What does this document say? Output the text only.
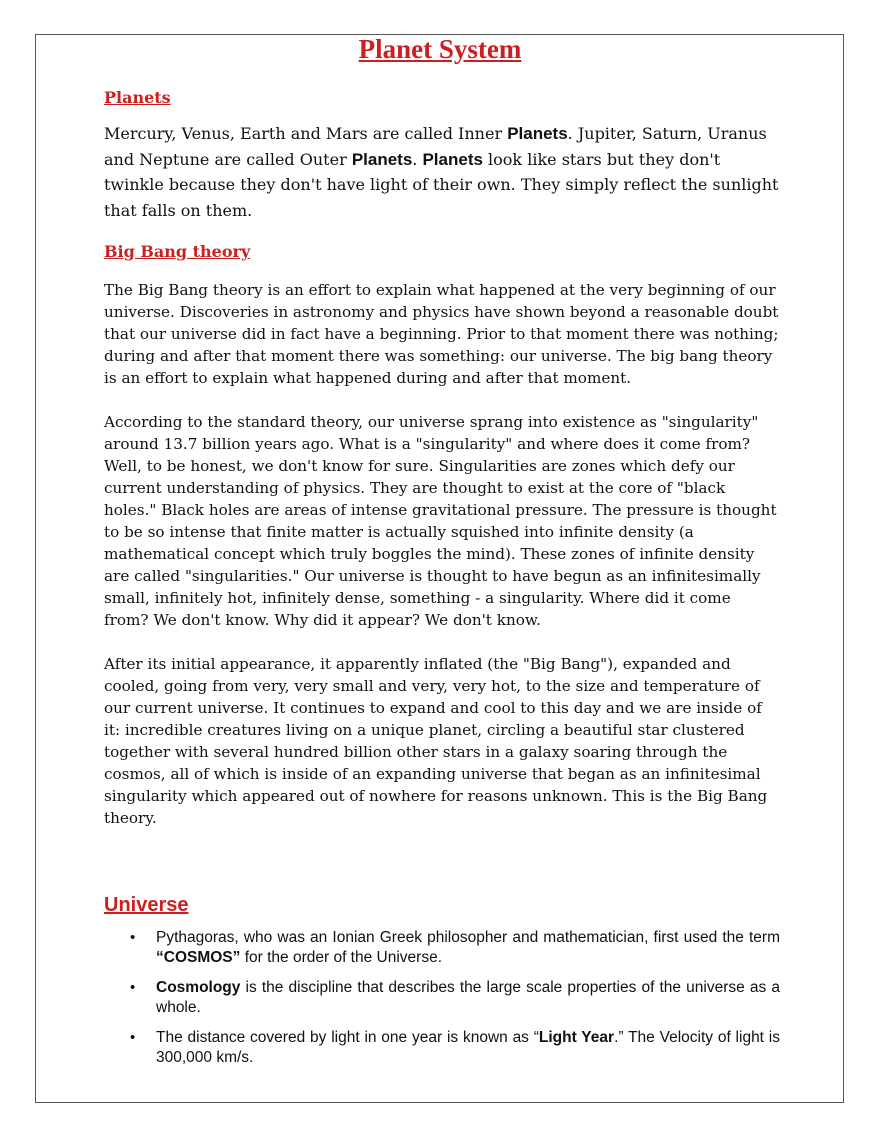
Planet System
Planets

Mercury, Venus, Earth and Mars are called Inner Planets. Jupiter, Saturn, Uranus and Neptune are called Outer Planets. Planets look like stars but they don't twinkle because they don't have light of their own. They simply reflect the sunlight that falls on them.

Big Bang theory

The Big Bang theory is an effort to explain what happened at the very beginning of our universe. Discoveries in astronomy and physics have shown beyond a reasonable doubt that our universe did in fact have a beginning. Prior to that moment there was nothing; during and after that moment there was something: our universe. The big bang theory is an effort to explain what happened during and after that moment.

According to the standard theory, our universe sprang into existence as "singularity" around 13.7 billion years ago. What is a "singularity" and where does it come from? Well, to be honest, we don't know for sure. Singularities are zones which defy our current understanding of physics. They are thought to exist at the core of "black holes." Black holes are areas of intense gravitational pressure. The pressure is thought to be so intense that finite matter is actually squished into infinite density (a mathematical concept which truly boggles the mind). These zones of infinite density are called "singularities." Our universe is thought to have begun as an infinitesimally small, infinitely hot, infinitely dense, something - a singularity. Where did it come from? We don't know. Why did it appear? We don't know.

After its initial appearance, it apparently inflated (the "Big Bang"), expanded and cooled, going from very, very small and very, very hot, to the size and temperature of our current universe. It continues to expand and cool to this day and we are inside of it: incredible creatures living on a unique planet, circling a beautiful star clustered together with several hundred billion other stars in a galaxy soaring through the cosmos, all of which is inside of an expanding universe that began as an infinitesimal singularity which appeared out of nowhere for reasons unknown. This is the Big Bang theory.

Universe
• Pythagoras, who was an Ionian Greek philosopher and mathematician, first used the term “COSMOS” for the order of the Universe.
• Cosmology is the discipline that describes the large scale properties of the universe as a whole.
• The distance covered by light in one year is known as “Light Year.” The Velocity of light is 300,000 km/s.
